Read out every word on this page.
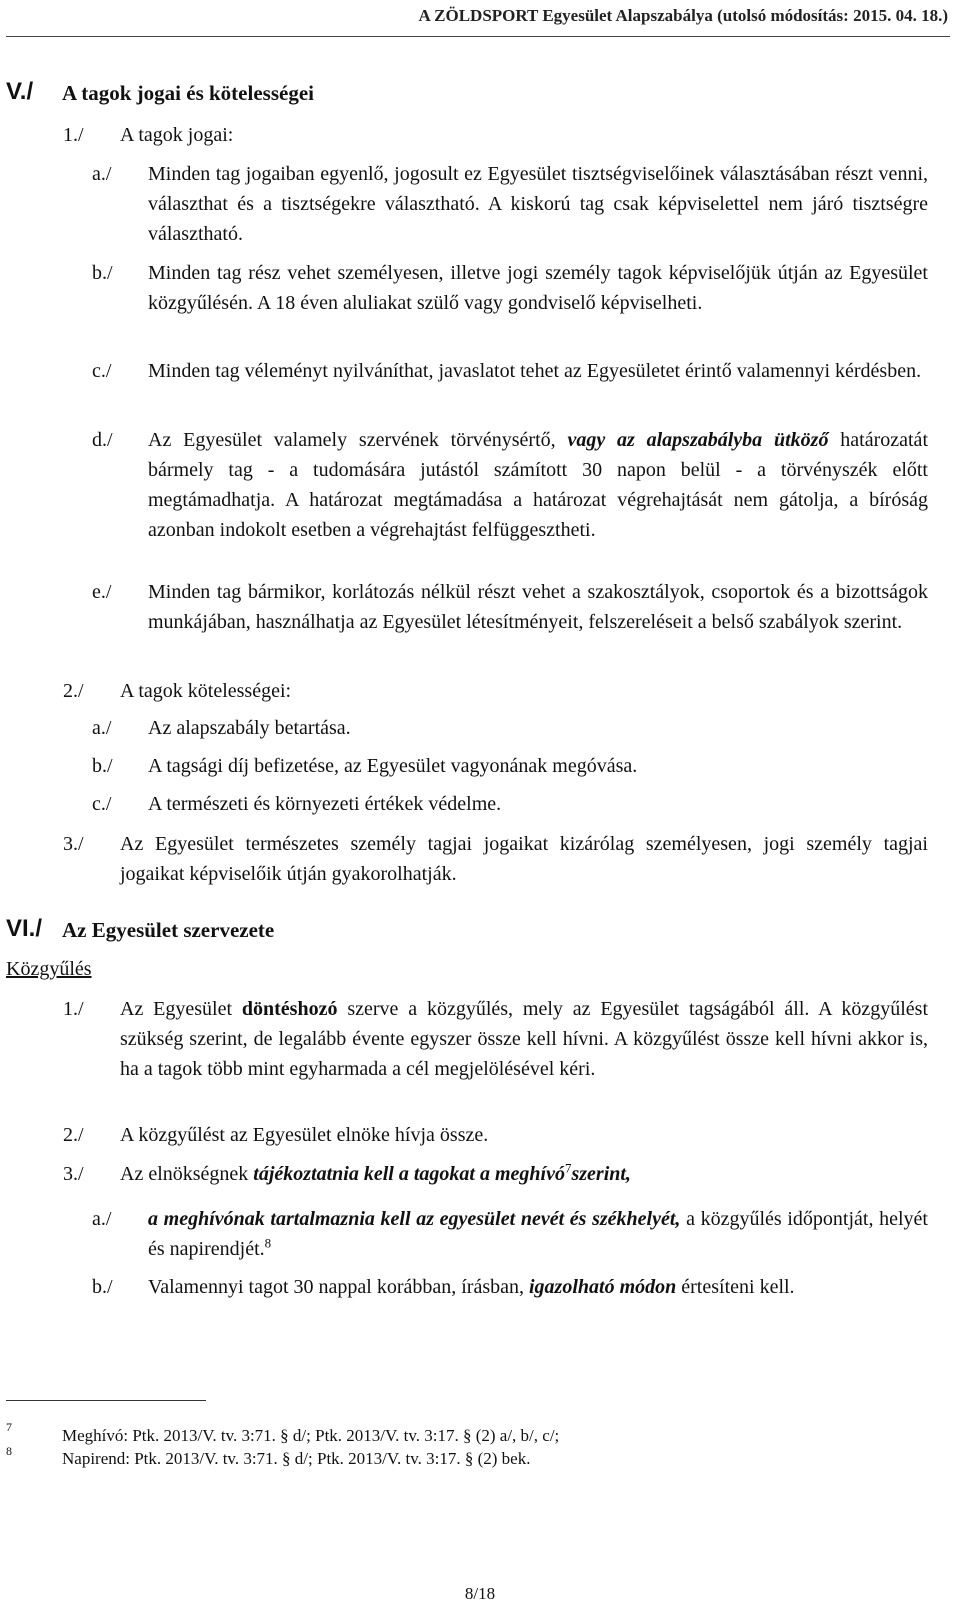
A ZÖLDSPORT Egyesület Alapszabálya (utolsó módosítás: 2015. 04. 18.)
V./ A tagok jogai és kötelességei
1./ A tagok jogai:
a./ Minden tag jogaiban egyenlő, jogosult ez Egyesület tisztségviselőinek választásában részt venni, választhat és a tisztségekre választható. A kiskorú tag csak képviselettel nem járó tisztségre választható.
b./ Minden tag rész vehet személyesen, illetve jogi személy tagok képviselőjük útján az Egyesület közgyűlésén. A 18 éven aluliakat szülő vagy gondviselő képviselheti.
c./ Minden tag véleményt nyilváníthat, javaslatot tehet az Egyesületet érintő valamennyi kérdésben.
d./ Az Egyesület valamely szervének törvénysértő, vagy az alapszabályba ütköző határozatát bármely tag - a tudomására jutástól számított 30 napon belül - a törvényszék előtt megtámadhatja. A határozat megtámadása a határozat végrehajtását nem gátolja, a bíróság azonban indokolt esetben a végrehajtást felfüggesztheti.
e./ Minden tag bármikor, korlátozás nélkül részt vehet a szakosztályok, csoportok és a bizottságok munkájában, használhatja az Egyesület létesítményeit, felszereléseit a belső szabályok szerint.
2./ A tagok kötelességei:
a./ Az alapszabály betartása.
b./ A tagsági díj befizetése, az Egyesület vagyonának megóvása.
c./ A természeti és környezeti értékek védelme.
3./ Az Egyesület természetes személy tagjai jogaikat kizárólag személyesen, jogi személy tagjai jogaikat képviselőik útján gyakorolhatják.
VI./ Az Egyesület szervezete
Közgyűlés
1./ Az Egyesület döntéshozó szerve a közgyűlés, mely az Egyesület tagságából áll. A közgyűlést szükség szerint, de legalább évente egyszer össze kell hívni. A közgyűlést össze kell hívni akkor is, ha a tagok több mint egyharmada a cél megjelölésével kéri.
2./ A közgyűlést az Egyesület elnöke hívja össze.
3./ Az elnökségnek tájékoztatnia kell a tagokat a meghívó$^7$szerint,
a./ a meghívónak tartalmaznia kell az egyesület nevét és székhelyét, a közgyűlés időpontját, helyét és napirendjét.$^8$
b./ Valamennyi tagot 30 nappal korábban, írásban, igazolható módon értesíteni kell.
7	Meghívó: Ptk. 2013/V. tv. 3:71. § d/; Ptk. 2013/V. tv. 3:17. § (2) a/, b/, c/;
8	Napirend: Ptk. 2013/V. tv. 3:71. § d/; Ptk. 2013/V. tv. 3:17. § (2) bek.
8/18
